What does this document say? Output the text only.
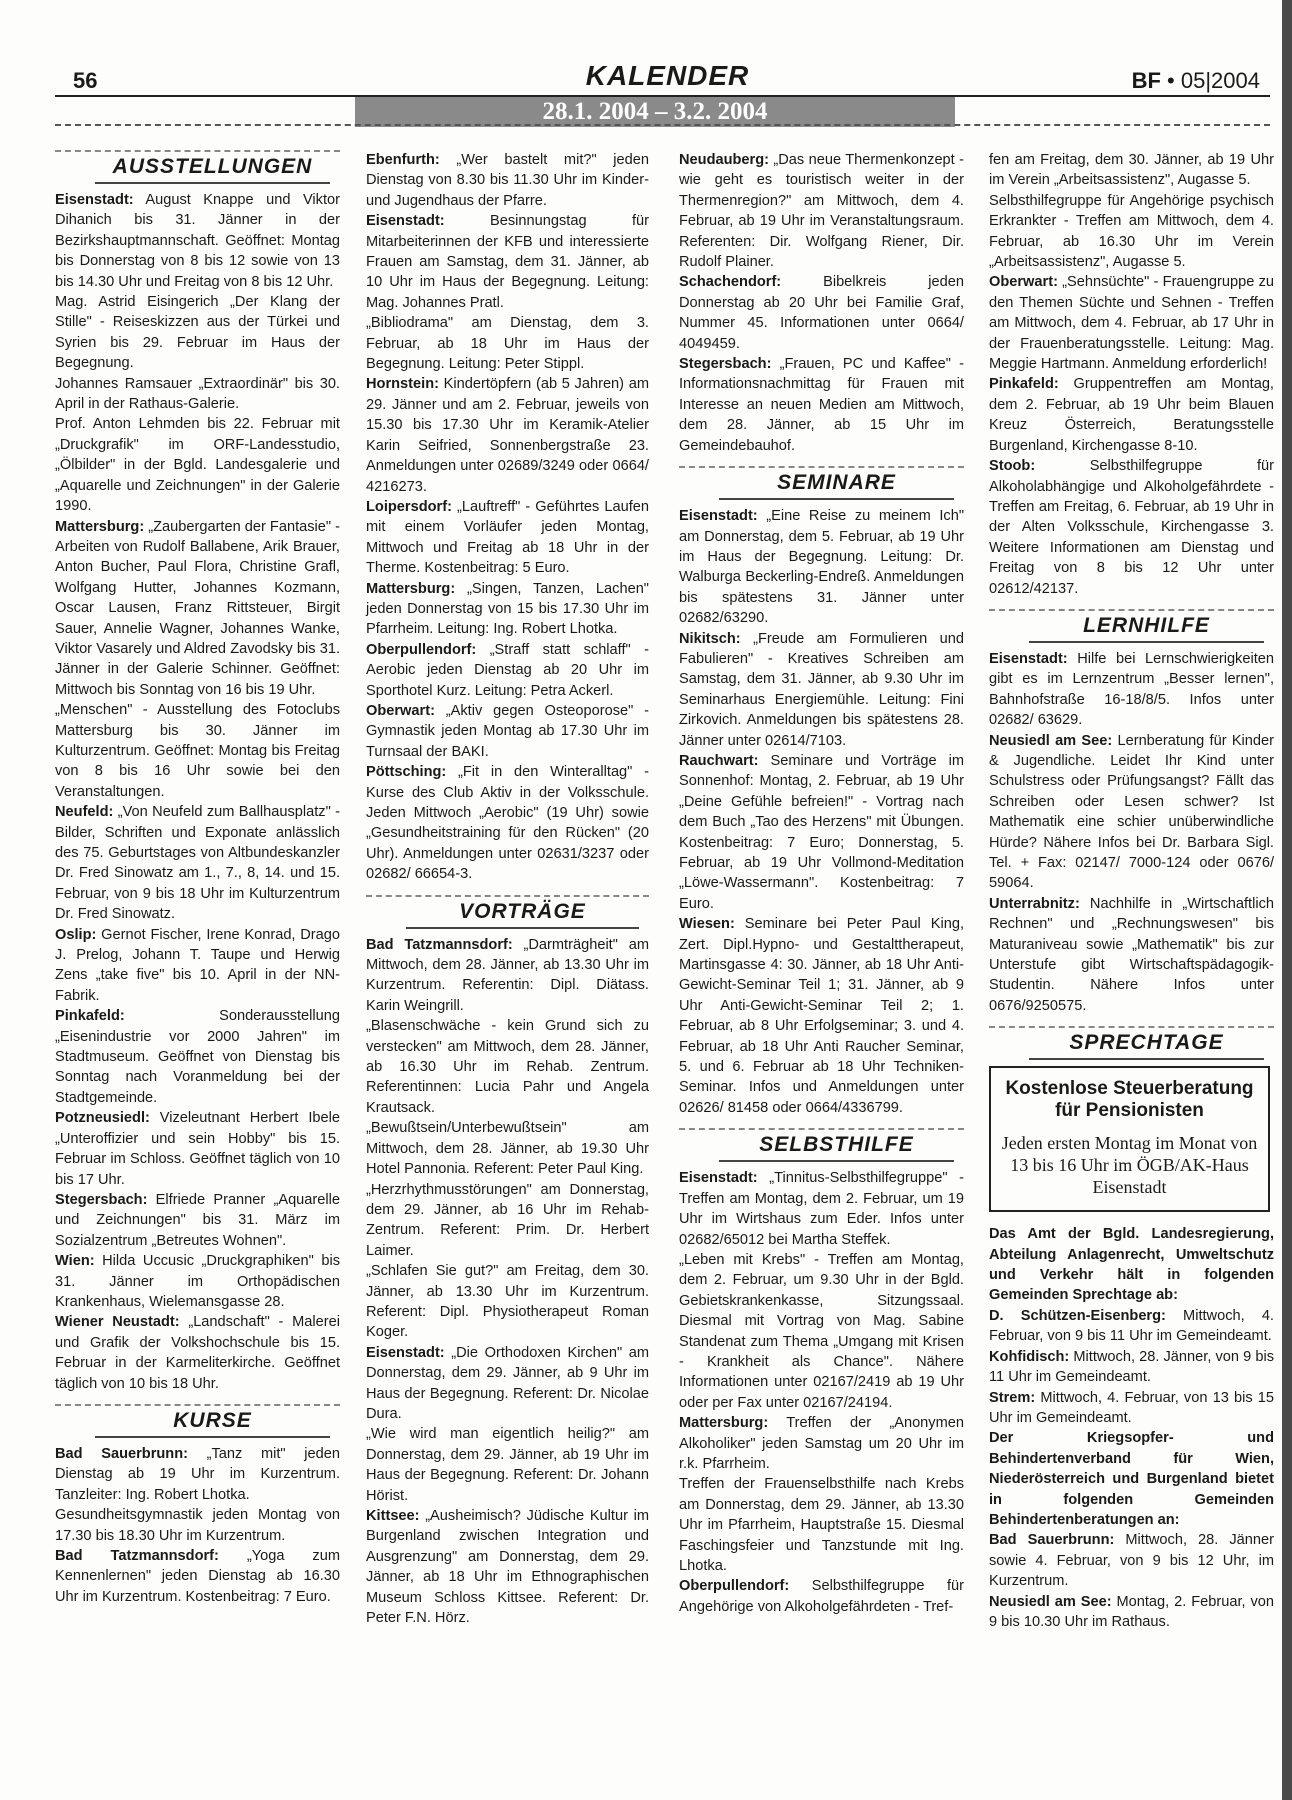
56	KALENDER	BF • 05|2004
28.1. 2004 – 3.2. 2004
AUSSTELLUNGEN

Eisenstadt: August Knappe und Viktor Dihanich bis 31. Jänner in der Bezirkshauptmannschaft. Geöffnet: Montag bis Donnerstag von 8 bis 12 sowie von 13 bis 14.30 Uhr und Freitag von 8 bis 12 Uhr.

Mag. Astrid Eisingerich „Der Klang der Stille" - Reiseskizzen aus der Türkei und Syrien bis 29. Februar im Haus der Begegnung.

Johannes Ramsauer „Extraordinär" bis 30. April in der Rathaus-Galerie.

Prof. Anton Lehmden bis 22. Februar mit „Druckgrafik" im ORF-Landesstudio, „Ölbilder" in der Bgld. Landesgalerie und „Aquarelle und Zeichnungen" in der Galerie 1990.

Mattersburg: „Zaubergarten der Fantasie" - Arbeiten von Rudolf Ballabene, Arik Brauer, Anton Bucher, Paul Flora, Christine Grafl, Wolfgang Hutter, Johannes Kozmann, Oscar Lausen, Franz Rittsteuer, Birgit Sauer, Annelie Wagner, Johannes Wanke, Viktor Vasarely und Aldred Zavodsky bis 31. Jänner in der Galerie Schinner. Geöffnet: Mittwoch bis Sonntag von 16 bis 19 Uhr.

„Menschen" - Ausstellung des Fotoclubs Mattersburg bis 30. Jänner im Kulturzentrum. Geöffnet: Montag bis Freitag von 8 bis 16 Uhr sowie bei den Veranstaltungen.

Neufeld: „Von Neufeld zum Ballhausplatz" - Bilder, Schriften und Exponate anlässlich des 75. Geburtstages von Altbundeskanzler Dr. Fred Sinowatz am 1., 7., 8, 14. und 15. Februar, von 9 bis 18 Uhr im Kulturzentrum Dr. Fred Sinowatz.

Oslip: Gernot Fischer, Irene Konrad, Drago J. Prelog, Johann T. Taupe und Herwig Zens „take five" bis 10. April in der NN-Fabrik.

Pinkafeld: Sonderausstellung „Eisenindustrie vor 2000 Jahren" im Stadtmuseum. Geöffnet von Dienstag bis Sonntag nach Voranmeldung bei der Stadtgemeinde.

Potzneusiedl: Vizeleutnant Herbert Ibele „Unteroffizier und sein Hobby" bis 15. Februar im Schloss. Geöffnet täglich von 10 bis 17 Uhr.

Stegersbach: Elfriede Pranner „Aquarelle und Zeichnungen" bis 31. März im Sozialzentrum „Betreutes Wohnen".

Wien: Hilda Uccusic „Druckgraphiken" bis 31. Jänner im Orthopädischen Krankenhaus, Wielemansgasse 28.

Wiener Neustadt: „Landschaft" - Malerei und Grafik der Volkshochschule bis 15. Februar in der Karmeliterkirche. Geöffnet täglich von 10 bis 18 Uhr.

KURSE

Bad Sauerbrunn: „Tanz mit" jeden Dienstag ab 19 Uhr im Kurzentrum. Tanzleiter: Ing. Robert Lhotka.

Gesundheitsgymnastik jeden Montag von 17.30 bis 18.30 Uhr im Kurzentrum.

Bad Tatzmannsdorf: „Yoga zum Kennenlernen" jeden Dienstag ab 16.30 Uhr im Kurzentrum. Kostenbeitrag: 7 Euro.

Ebenfurth: „Wer bastelt mit?" jeden Dienstag von 8.30 bis 11.30 Uhr im Kinder- und Jugendhaus der Pfarre.

Eisenstadt: Besinnungstag für Mitarbeiterinnen der KFB und interessierte Frauen am Samstag, dem 31. Jänner, ab 10 Uhr im Haus der Begegnung. Leitung: Mag. Johannes Pratl.

„Bibliodrama" am Dienstag, dem 3. Februar, ab 18 Uhr im Haus der Begegnung. Leitung: Peter Stippl.

Hornstein: Kindertöpfern (ab 5 Jahren) am 29. Jänner und am 2. Februar, jeweils von 15.30 bis 17.30 Uhr im Keramik-Atelier Karin Seifried, Sonnenbergstraße 23. Anmeldungen unter 02689/3249 oder 0664/ 4216273.

Loipersdorf: „Lauftreff" - Geführtes Laufen mit einem Vorläufer jeden Montag, Mittwoch und Freitag ab 18 Uhr in der Therme. Kostenbeitrag: 5 Euro.

Mattersburg: „Singen, Tanzen, Lachen" jeden Donnerstag von 15 bis 17.30 Uhr im Pfarrheim. Leitung: Ing. Robert Lhotka.

Oberpullendorf: „Straff statt schlaff" - Aerobic jeden Dienstag ab 20 Uhr im Sporthotel Kurz. Leitung: Petra Ackerl.

Oberwart: „Aktiv gegen Osteoporose" - Gymnastik jeden Montag ab 17.30 Uhr im Turnsaal der BAKI.

Pöttsching: „Fit in den Winteralltag" - Kurse des Club Aktiv in der Volksschule. Jeden Mittwoch „Aerobic" (19 Uhr) sowie „Gesundheitstraining für den Rücken" (20 Uhr). Anmeldungen unter 02631/3237 oder 02682/ 66654-3.

VORTRÄGE

Bad Tatzmannsdorf: „Darmträgheit" am Mittwoch, dem 28. Jänner, ab 13.30 Uhr im Kurzentrum. Referentin: Dipl. Diätass. Karin Weingrill.

„Blasenschwäche - kein Grund sich zu verstecken" am Mittwoch, dem 28. Jänner, ab 16.30 Uhr im Rehab. Zentrum. Referentinnen: Lucia Pahr und Angela Krautsack.

„Bewußtsein/Unterbewußtsein" am Mittwoch, dem 28. Jänner, ab 19.30 Uhr Hotel Pannonia. Referent: Peter Paul King.

„Herzrhythmusstörungen" am Donnerstag, dem 29. Jänner, ab 16 Uhr im Rehab-Zentrum. Referent: Prim. Dr. Herbert Laimer.

„Schlafen Sie gut?" am Freitag, dem 30. Jänner, ab 13.30 Uhr im Kurzentrum. Referent: Dipl. Physiotherapeut Roman Koger.

Eisenstadt: „Die Orthodoxen Kirchen" am Donnerstag, dem 29. Jänner, ab 9 Uhr im Haus der Begegnung. Referent: Dr. Nicolae Dura.

„Wie wird man eigentlich heilig?" am Donnerstag, dem 29. Jänner, ab 19 Uhr im Haus der Begegnung. Referent: Dr. Johann Hörist.

Kittsee: „Ausheimisch? Jüdische Kultur im Burgenland zwischen Integration und Ausgrenzung" am Donnerstag, dem 29. Jänner, ab 18 Uhr im Ethnographischen Museum Schloss Kittsee. Referent: Dr. Peter F.N. Hörz.

Neudauberg: „Das neue Thermenkonzept - wie geht es touristisch weiter in der Thermenregion?" am Mittwoch, dem 4. Februar, ab 19 Uhr im Veranstaltungsraum. Referenten: Dir. Wolfgang Riener, Dir. Rudolf Plainer.

Schachendorf: Bibelkreis jeden Donnerstag ab 20 Uhr bei Familie Graf, Nummer 45. Informationen unter 0664/ 4049459.

Stegersbach: „Frauen, PC und Kaffee" - Informationsnachmittag für Frauen mit Interesse an neuen Medien am Mittwoch, dem 28. Jänner, ab 15 Uhr im Gemeindebauhof.

SEMINARE

Eisenstadt: „Eine Reise zu meinem Ich" am Donnerstag, dem 5. Februar, ab 19 Uhr im Haus der Begegnung. Leitung: Dr. Walburga Beckerling-Endreß. Anmeldungen bis spätestens 31. Jänner unter 02682/63290.

Nikitsch: „Freude am Formulieren und Fabulieren" - Kreatives Schreiben am Samstag, dem 31. Jänner, ab 9.30 Uhr im Seminarhaus Energiemühle. Leitung: Fini Zirkovich. Anmeldungen bis spätestens 28. Jänner unter 02614/7103.

Rauchwart: Seminare und Vorträge im Sonnenhof: Montag, 2. Februar, ab 19 Uhr „Deine Gefühle befreien!" - Vortrag nach dem Buch „Tao des Herzens" mit Übungen. Kostenbeitrag: 7 Euro; Donnerstag, 5. Februar, ab 19 Uhr Vollmond-Meditation „Löwe-Wassermann". Kostenbeitrag: 7 Euro.

Wiesen: Seminare bei Peter Paul King, Zert. Dipl.Hypno- und Gestalttherapeut, Martinsgasse 4: 30. Jänner, ab 18 Uhr Anti-Gewicht-Seminar Teil 1; 31. Jänner, ab 9 Uhr Anti-Gewicht-Seminar Teil 2; 1. Februar, ab 8 Uhr Erfolgseminar; 3. und 4. Februar, ab 18 Uhr Anti Raucher Seminar, 5. und 6. Februar ab 18 Uhr Techniken-Seminar. Infos und Anmeldungen unter 02626/ 81458 oder 0664/4336799.

SELBSTHILFE

Eisenstadt: „Tinnitus-Selbsthilfegruppe" - Treffen am Montag, dem 2. Februar, um 19 Uhr im Wirtshaus zum Eder. Infos unter 02682/65012 bei Martha Steffek.

„Leben mit Krebs" - Treffen am Montag, dem 2. Februar, um 9.30 Uhr in der Bgld. Gebietskrankenkasse, Sitzungssaal. Diesmal mit Vortrag von Mag. Sabine Standenat zum Thema „Umgang mit Krisen - Krankheit als Chance". Nähere Informationen unter 02167/2419 ab 19 Uhr oder per Fax unter 02167/24194.

Mattersburg: Treffen der „Anonymen Alkoholiker" jeden Samstag um 20 Uhr im r.k. Pfarrheim.

Treffen der Frauenselbsthilfe nach Krebs am Donnerstag, dem 29. Jänner, ab 13.30 Uhr im Pfarrheim, Hauptstraße 15. Diesmal Faschingsfeier und Tanzstunde mit Ing. Lhotka.

Oberpullendorf: Selbsthilfegruppe für Angehörige von Alkoholgefährdeten - Tref-

fen am Freitag, dem 30. Jänner, ab 19 Uhr im Verein „Arbeitsassistenz", Augasse 5.

Selbsthilfegruppe für Angehörige psychisch Erkrankter - Treffen am Mittwoch, dem 4. Februar, ab 16.30 Uhr im Verein „Arbeitsassistenz", Augasse 5.

Oberwart: „Sehnsüchte" - Frauengruppe zu den Themen Süchte und Sehnen - Treffen am Mittwoch, dem 4. Februar, ab 17 Uhr in der Frauenberatungsstelle. Leitung: Mag. Meggie Hartmann. Anmeldung erforderlich!

Pinkafeld: Gruppentreffen am Montag, dem 2. Februar, ab 19 Uhr beim Blauen Kreuz Österreich, Beratungsstelle Burgenland, Kirchengasse 8-10.

Stoob: Selbsthilfegruppe für Alkoholabhängige und Alkoholgefährdete - Treffen am Freitag, 6. Februar, ab 19 Uhr in der Alten Volksschule, Kirchengasse 3. Weitere Informationen am Dienstag und Freitag von 8 bis 12 Uhr unter 02612/42137.

LERNHILFE

Eisenstadt: Hilfe bei Lernschwierigkeiten gibt es im Lernzentrum „Besser lernen", Bahnhofstraße 16-18/8/5. Infos unter 02682/ 63629.

Neusiedl am See: Lernberatung für Kinder & Jugendliche. Leidet Ihr Kind unter Schulstress oder Prüfungsangst? Fällt das Schreiben oder Lesen schwer? Ist Mathematik eine schier unüberwindliche Hürde? Nähere Infos bei Dr. Barbara Sigl. Tel. + Fax: 02147/ 7000-124 oder 0676/ 59064.

Unterrabnitz: Nachhilfe in „Wirtschaftlich Rechnen" und „Rechnungswesen" bis Maturaniveau sowie „Mathematik" bis zur Unterstufe gibt Wirtschaftspädagogik-Studentin. Nähere Infos unter 0676/9250575.

SPRECHTAGE
Kostenlose Steuerberatung für Pensionisten
Jeden ersten Montag im Monat von 13 bis 16 Uhr im ÖGB/AK-Haus Eisenstadt

Das Amt der Bgld. Landesregierung, Abteilung Anlagenrecht, Umweltschutz und Verkehr hält in folgenden Gemeinden Sprechtage ab:

D. Schützen-Eisenberg: Mittwoch, 4. Februar, von 9 bis 11 Uhr im Gemeindeamt.

Kohfidisch: Mittwoch, 28. Jänner, von 9 bis 11 Uhr im Gemeindeamt.

Strem: Mittwoch, 4. Februar, von 13 bis 15 Uhr im Gemeindeamt.

Der Kriegsopfer- und Behindertenverband für Wien, Niederösterreich und Burgenland bietet in folgenden Gemeinden Behindertenberatungen an:

Bad Sauerbrunn: Mittwoch, 28. Jänner sowie 4. Februar, von 9 bis 12 Uhr, im Kurzentrum.

Neusiedl am See: Montag, 2. Februar, von 9 bis 10.30 Uhr im Rathaus.
